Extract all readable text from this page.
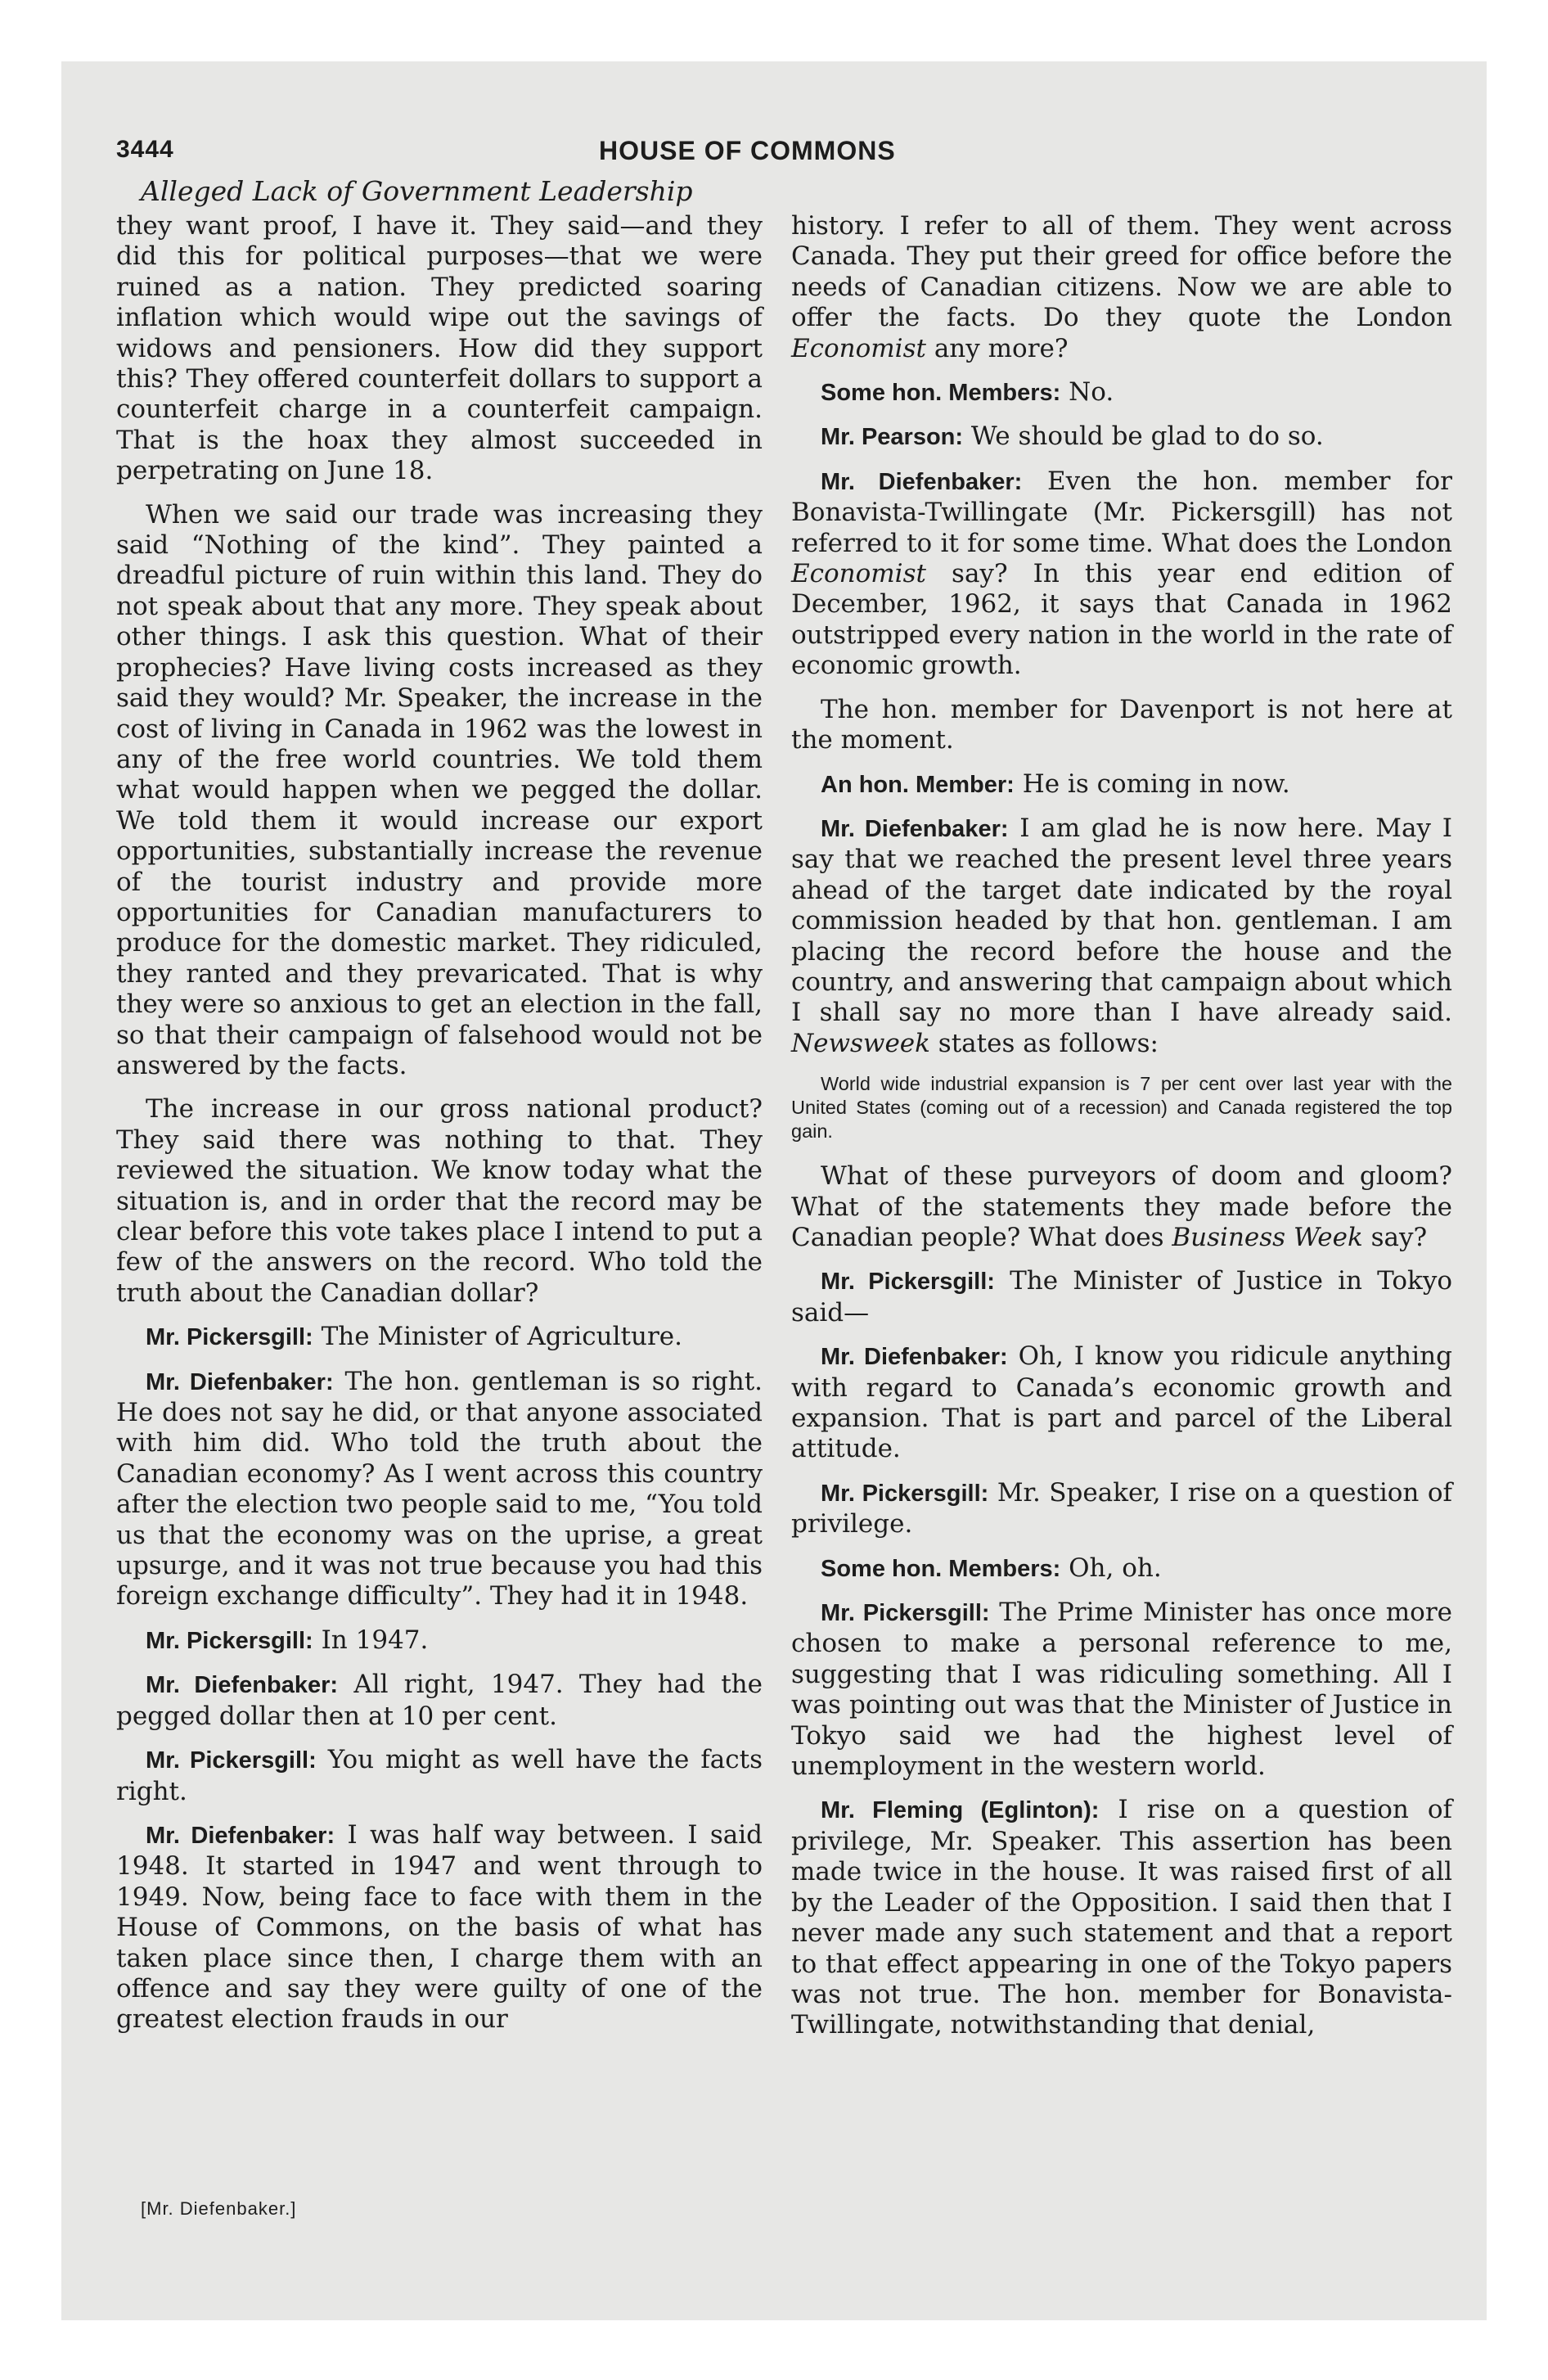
3444	HOUSE OF COMMONS
Alleged Lack of Government Leadership

they want proof, I have it. They said—and they did this for political purposes—that we were ruined as a nation. They predicted soaring inflation which would wipe out the savings of widows and pensioners. How did they support this? They offered counterfeit dollars to support a counterfeit charge in a counterfeit campaign. That is the hoax they almost succeeded in perpetrating on June 18.

When we said our trade was increasing they said “Nothing of the kind”. They painted a dreadful picture of ruin within this land. They do not speak about that any more. They speak about other things. I ask this question. What of their prophecies? Have living costs increased as they said they would? Mr. Speaker, the increase in the cost of living in Canada in 1962 was the lowest in any of the free world countries. We told them what would happen when we pegged the dollar. We told them it would increase our export opportunities, substantially increase the revenue of the tourist industry and provide more opportunities for Canadian manufacturers to produce for the domestic market. They ridiculed, they ranted and they prevaricated. That is why they were so anxious to get an election in the fall, so that their campaign of falsehood would not be answered by the facts.

The increase in our gross national product? They said there was nothing to that. They reviewed the situation. We know today what the situation is, and in order that the record may be clear before this vote takes place I intend to put a few of the answers on the record. Who told the truth about the Canadian dollar?

Mr. Pickersgill: The Minister of Agriculture.

Mr. Diefenbaker: The hon. gentleman is so right. He does not say he did, or that anyone associated with him did. Who told the truth about the Canadian economy? As I went across this country after the election two people said to me, “You told us that the economy was on the uprise, a great upsurge, and it was not true because you had this foreign exchange difficulty”. They had it in 1948.

Mr. Pickersgill: In 1947.

Mr. Diefenbaker: All right, 1947. They had the pegged dollar then at 10 per cent.

Mr. Pickersgill: You might as well have the facts right.

Mr. Diefenbaker: I was half way between. I said 1948. It started in 1947 and went through to 1949. Now, being face to face with them in the House of Commons, on the basis of what has taken place since then, I charge them with an offence and say they were guilty of one of the greatest election frauds in our

history. I refer to all of them. They went across Canada. They put their greed for office before the needs of Canadian citizens. Now we are able to offer the facts. Do they quote the London Economist any more?

Some hon. Members: No.

Mr. Pearson: We should be glad to do so.

Mr. Diefenbaker: Even the hon. member for Bonavista-Twillingate (Mr. Pickersgill) has not referred to it for some time. What does the London Economist say? In this year end edition of December, 1962, it says that Canada in 1962 outstripped every nation in the world in the rate of economic growth.

The hon. member for Davenport is not here at the moment.

An hon. Member: He is coming in now.

Mr. Diefenbaker: I am glad he is now here. May I say that we reached the present level three years ahead of the target date indicated by the royal commission headed by that hon. gentleman. I am placing the record before the house and the country, and answering that campaign about which I shall say no more than I have already said. Newsweek states as follows:

World wide industrial expansion is 7 per cent over last year with the United States (coming out of a recession) and Canada registered the top gain.

What of these purveyors of doom and gloom? What of the statements they made before the Canadian people? What does Business Week say?

Mr. Pickersgill: The Minister of Justice in Tokyo said—

Mr. Diefenbaker: Oh, I know you ridicule anything with regard to Canada’s economic growth and expansion. That is part and parcel of the Liberal attitude.

Mr. Pickersgill: Mr. Speaker, I rise on a question of privilege.

Some hon. Members: Oh, oh.

Mr. Pickersgill: The Prime Minister has once more chosen to make a personal reference to me, suggesting that I was ridiculing something. All I was pointing out was that the Minister of Justice in Tokyo said we had the highest level of unemployment in the western world.

Mr. Fleming (Eglinton): I rise on a question of privilege, Mr. Speaker. This assertion has been made twice in the house. It was raised first of all by the Leader of the Opposition. I said then that I never made any such statement and that a report to that effect appearing in one of the Tokyo papers was not true. The hon. member for Bonavista-Twillingate, notwithstanding that denial,

[Mr. Diefenbaker.]
